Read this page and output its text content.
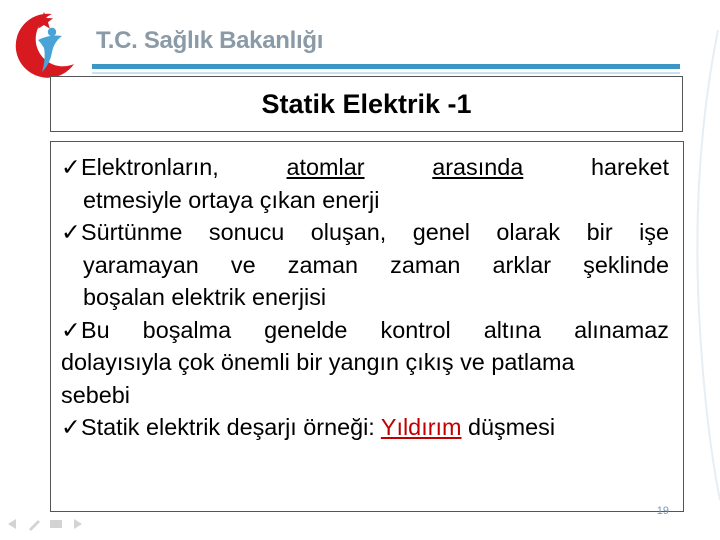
T.C. Sağlık Bakanlığı
Statik Elektrik -1

✓Elektronların,	atomlar	arasında	hareket

etmesiyle ortaya çıkan enerji

✓Sürtünme sonucu oluşan, genel olarak bir işe

yaramayan ve zaman zaman arklar şeklinde

boşalan elektrik enerjisi

✓Bu boşalma genelde kontrol altına alınamaz

dolayısıyla çok önemli bir yangın çıkış ve patlama

sebebi

✓Statik elektrik deşarjı örneği: Yıldırım düşmesi

19
